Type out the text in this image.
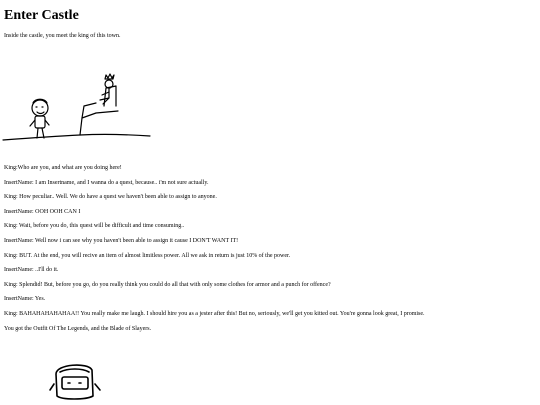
Enter Castle

Inside the castle, you meet the king of this town.

King:Who are you, and what are you doing here!

InsertName: I am Insertname, and I wanna do a quest, because.. i'm not sure actually.

King: How peculiar.. Well. We do have a quest we haven't been able to assign to anyone.

InsertName: OOH OOH CAN I

King: Wait, before you do, this quest will be difficult and time consuming..

InsertName: Well now i can see why you haven't been able to assign it cause I DON'T WANT IT!

King: BUT. At the end, you will recive an item of almost limitless power. All we ask in return is just 10% of the power.

InsertName: ..I'll do it.

King: Splendid! But, before you go, do you really think you could do all that with only some clothes for armor and a punch for offence?

InsertName: Yes.

King: BAHAHAHAHAHAA!! You really make me laugh. I should hire you as a jester after this! But no, seriously, we'll get you kitted out. You're gonna look great, I promise.

You got the Outfit Of The Legends, and the Blade of Slayers.
